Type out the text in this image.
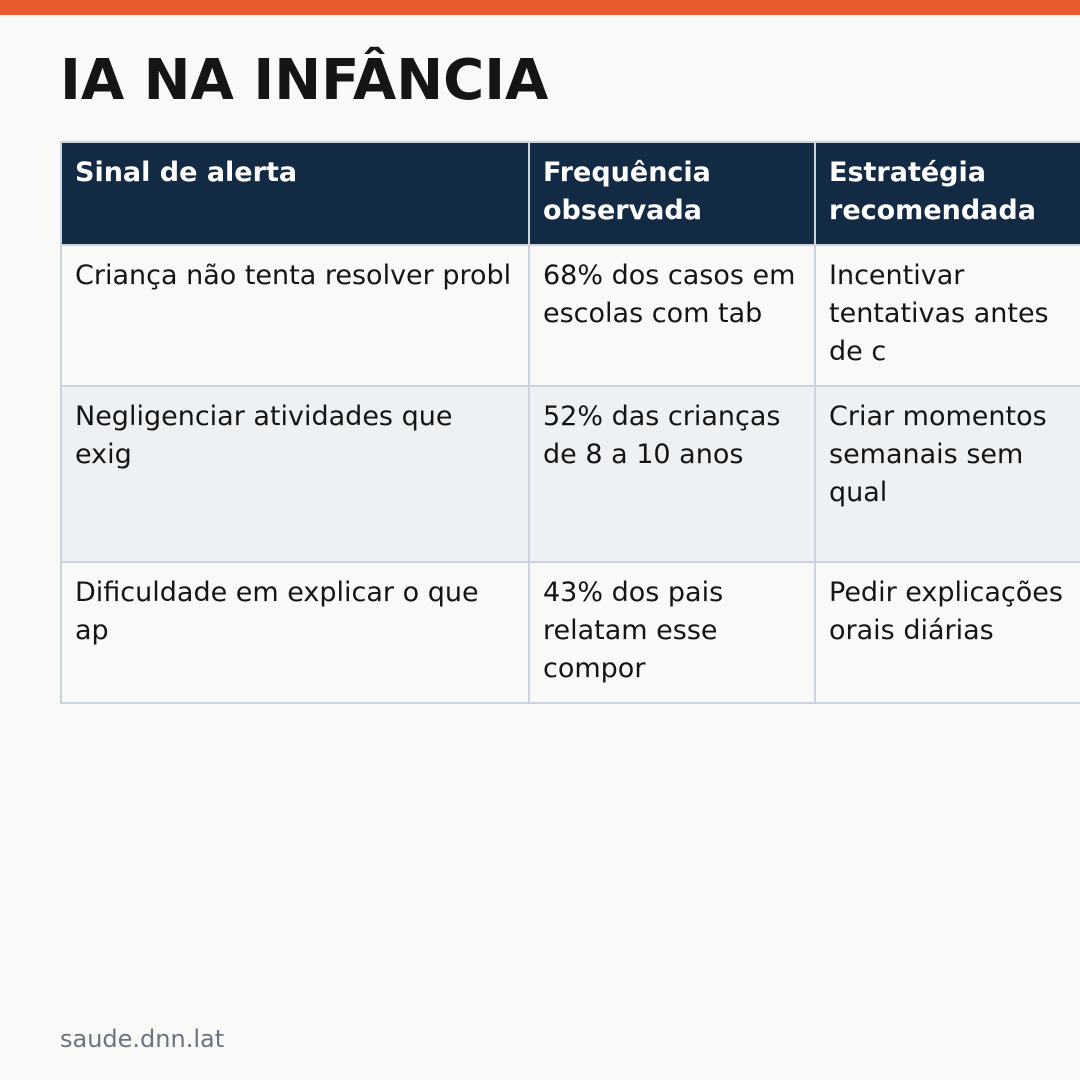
IA NA INFÂNCIA
Sinal de alerta	Frequência observada	Estratégia recomendada
Criança não tenta resolver probl	68% dos casos em escolas com tab	Incentivar tentativas antes de c
Negligenciar atividades que exig	52% das crianças de 8 a 10 anos	Criar momentos semanais sem qual
Dificuldade em explicar o que ap	43% dos pais relatam esse compor	Pedir explicações orais diárias
saude.dnn.lat
